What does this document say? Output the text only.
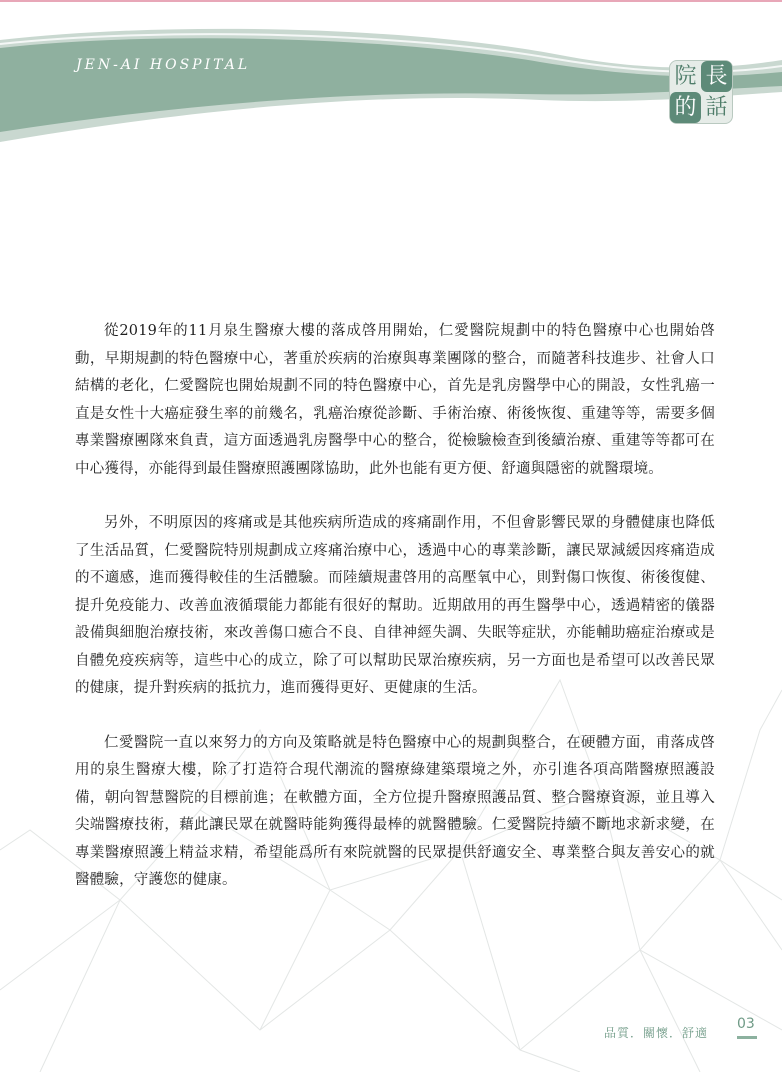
JEN-AI HOSPITAL	院 長
的 話

從2019年的11月泉生醫療大樓的落成啓用開始，仁愛醫院規劃中的特色醫療中心也開始啓動，早期規劃的特色醫療中心，著重於疾病的治療與專業團隊的整合，而隨著科技進步、社會人口結構的老化，仁愛醫院也開始規劃不同的特色醫療中心，首先是乳房醫學中心的開設，女性乳癌一直是女性十大癌症發生率的前幾名，乳癌治療從診斷、手術治療、術後恢復、重建等等，需要多個專業醫療團隊來負責，這方面透過乳房醫學中心的整合，從檢驗檢查到後續治療、重建等等都可在中心獲得，亦能得到最佳醫療照護團隊協助，此外也能有更方便、舒適與隱密的就醫環境。

另外，不明原因的疼痛或是其他疾病所造成的疼痛副作用，不但會影響民眾的身體健康也降低了生活品質，仁愛醫院特別規劃成立疼痛治療中心，透過中心的專業診斷，讓民眾減緩因疼痛造成的不適感，進而獲得較佳的生活體驗。而陸續規畫啓用的高壓氧中心，則對傷口恢復、術後復健、提升免疫能力、改善血液循環能力都能有很好的幫助。近期啟用的再生醫學中心，透過精密的儀器設備與細胞治療技術，來改善傷口癒合不良、自律神經失調、失眠等症狀，亦能輔助癌症治療或是自體免疫疾病等，這些中心的成立，除了可以幫助民眾治療疾病，另一方面也是希望可以改善民眾的健康，提升對疾病的抵抗力，進而獲得更好、更健康的生活。

仁愛醫院一直以來努力的方向及策略就是特色醫療中心的規劃與整合，在硬體方面，甫落成啓用的泉生醫療大樓，除了打造符合現代潮流的醫療綠建築環境之外，亦引進各項高階醫療照護設備，朝向智慧醫院的目標前進；在軟體方面，全方位提升醫療照護品質、整合醫療資源，並且導入尖端醫療技術，藉此讓民眾在就醫時能夠獲得最棒的就醫體驗。仁愛醫院持續不斷地求新求變，在專業醫療照護上精益求精，希望能爲所有來院就醫的民眾提供舒適安全、專業整合與友善安心的就醫體驗，守護您的健康。

品質．關懷．舒適
03
